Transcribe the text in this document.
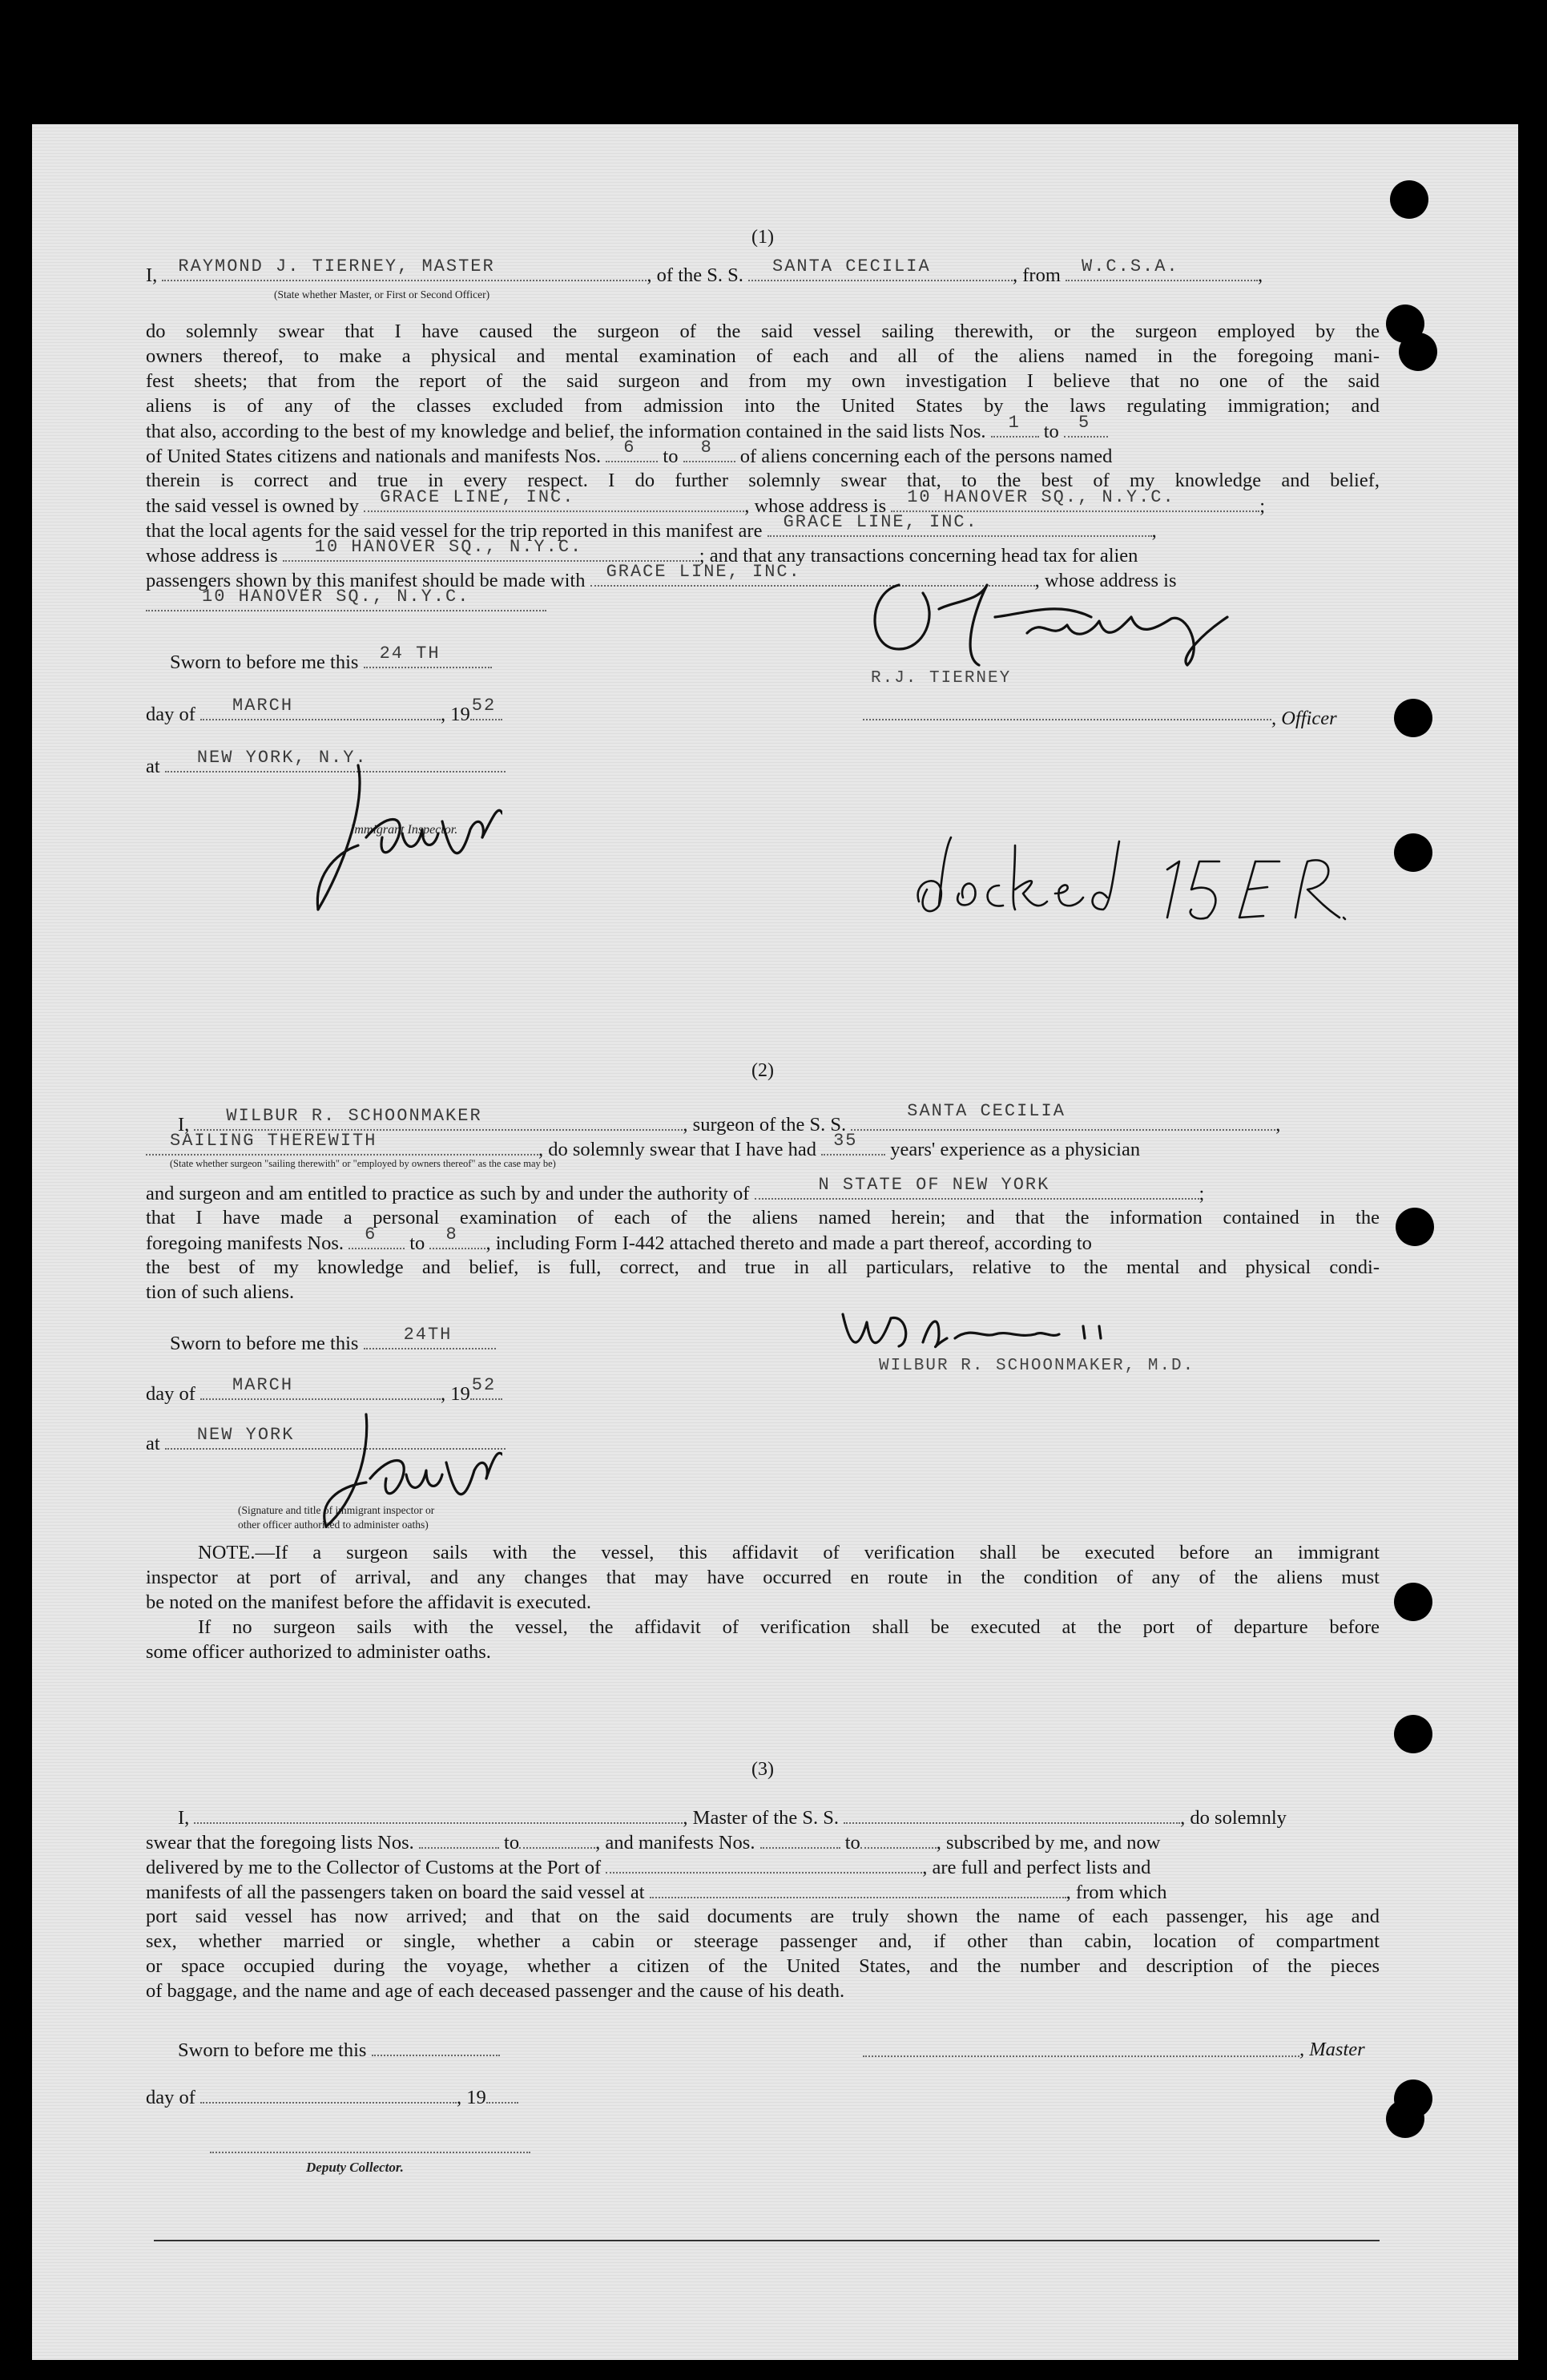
(1)

I, RAYMOND J. TIERNEY, MASTER	, of the S. S. SANTA CECILIA	, from W.C.S.A.	,

(State whether Master, or First or Second Officer)

do solemnly swear that I have caused the surgeon of the said vessel sailing therewith, or the surgeon employed by the

owners thereof, to make a physical and mental examination of each and all of the aliens named in the foregoing mani-

fest sheets; that from the report of the said surgeon and from my own investigation I believe that no one of the said

aliens is of any of the classes excluded from admission into the United States by the laws regulating immigration; and

that also, according to the best of my knowledge and belief, the information contained in the said lists Nos. 1 to 5

of United States citizens and nationals and manifests Nos. 6 to 8 of aliens concerning each of the persons named

therein is correct and true in every respect. I do further solemnly swear that, to the best of my knowledge and belief,

the said vessel is owned by GRACE LINE, INC.	, whose address is 10 HANOVER SQ., N.Y.C.	;

that the local agents for the said vessel for the trip reported in this manifest are GRACE LINE, INC.	,

whose address is 10 HANOVER SQ., N.Y.C.	; and that any transactions concerning head tax for alien

passengers shown by this manifest should be made with GRACE LINE, INC.	, whose address is

10 HANOVER SQ., N.Y.C.

Sworn to before me this 24 TH

day of MARCH	, 19 52

at NEW YORK, N.Y.

Immigrant Inspector.
R.J. TIERNEY
, Officer
(2)

I, WILBUR R. SCHOONMAKER	, surgeon of the S. S.
SANTA CECILIA
,

SAILING THEREWITH	, do solemnly swear that I have had 35 years' experience as a physician

(State whether surgeon "sailing therewith" or "employed by owners thereof" as the case may be)

and surgeon and am entitled to practice as such by and under the authority of	N STATE OF NEW YORK	;

that I have made a personal examination of each of the aliens named herein; and that the information contained in the

foregoing manifests Nos. 6 to 8 , including Form I-442 attached thereto and made a part thereof, according to

the best of my knowledge and belief, is full, correct, and true in all particulars, relative to the mental and physical condi-

tion of such aliens.

Sworn to before me this	24TH

day of MARCH	, 19 52

at NEW YORK

(Signature and title of immigrant inspector or
other officer authorized to administer oaths)
WILBUR R. SCHOONMAKER, M.D.

NOTE.—If a surgeon sails with the vessel, this affidavit of verification shall be executed before an immigrant

inspector at port of arrival, and any changes that may have occurred en route in the condition of any of the aliens must

be noted on the manifest before the affidavit is executed.

If no surgeon sails with the vessel, the affidavit of verification shall be executed at the port of departure before

some officer authorized to administer oaths.

(3)

I,	, Master of the S. S.	, do solemnly

swear that the foregoing lists Nos.	to	, and manifests Nos.	to	, subscribed by me, and now

delivered by me to the Collector of Customs at the Port of	, are full and perfect lists and

manifests of all the passengers taken on board the said vessel at	, from which

port said vessel has now arrived; and that on the said documents are truly shown the name of each passenger, his age and

sex, whether married or single, whether a cabin or steerage passenger and, if other than cabin, location of compartment

or space occupied during the voyage, whether a citizen of the United States, and the number and description of the pieces

of baggage, and the name and age of each deceased passenger and the cause of his death.

Sworn to before me this	, Master

day of	, 19

Deputy Collector.
